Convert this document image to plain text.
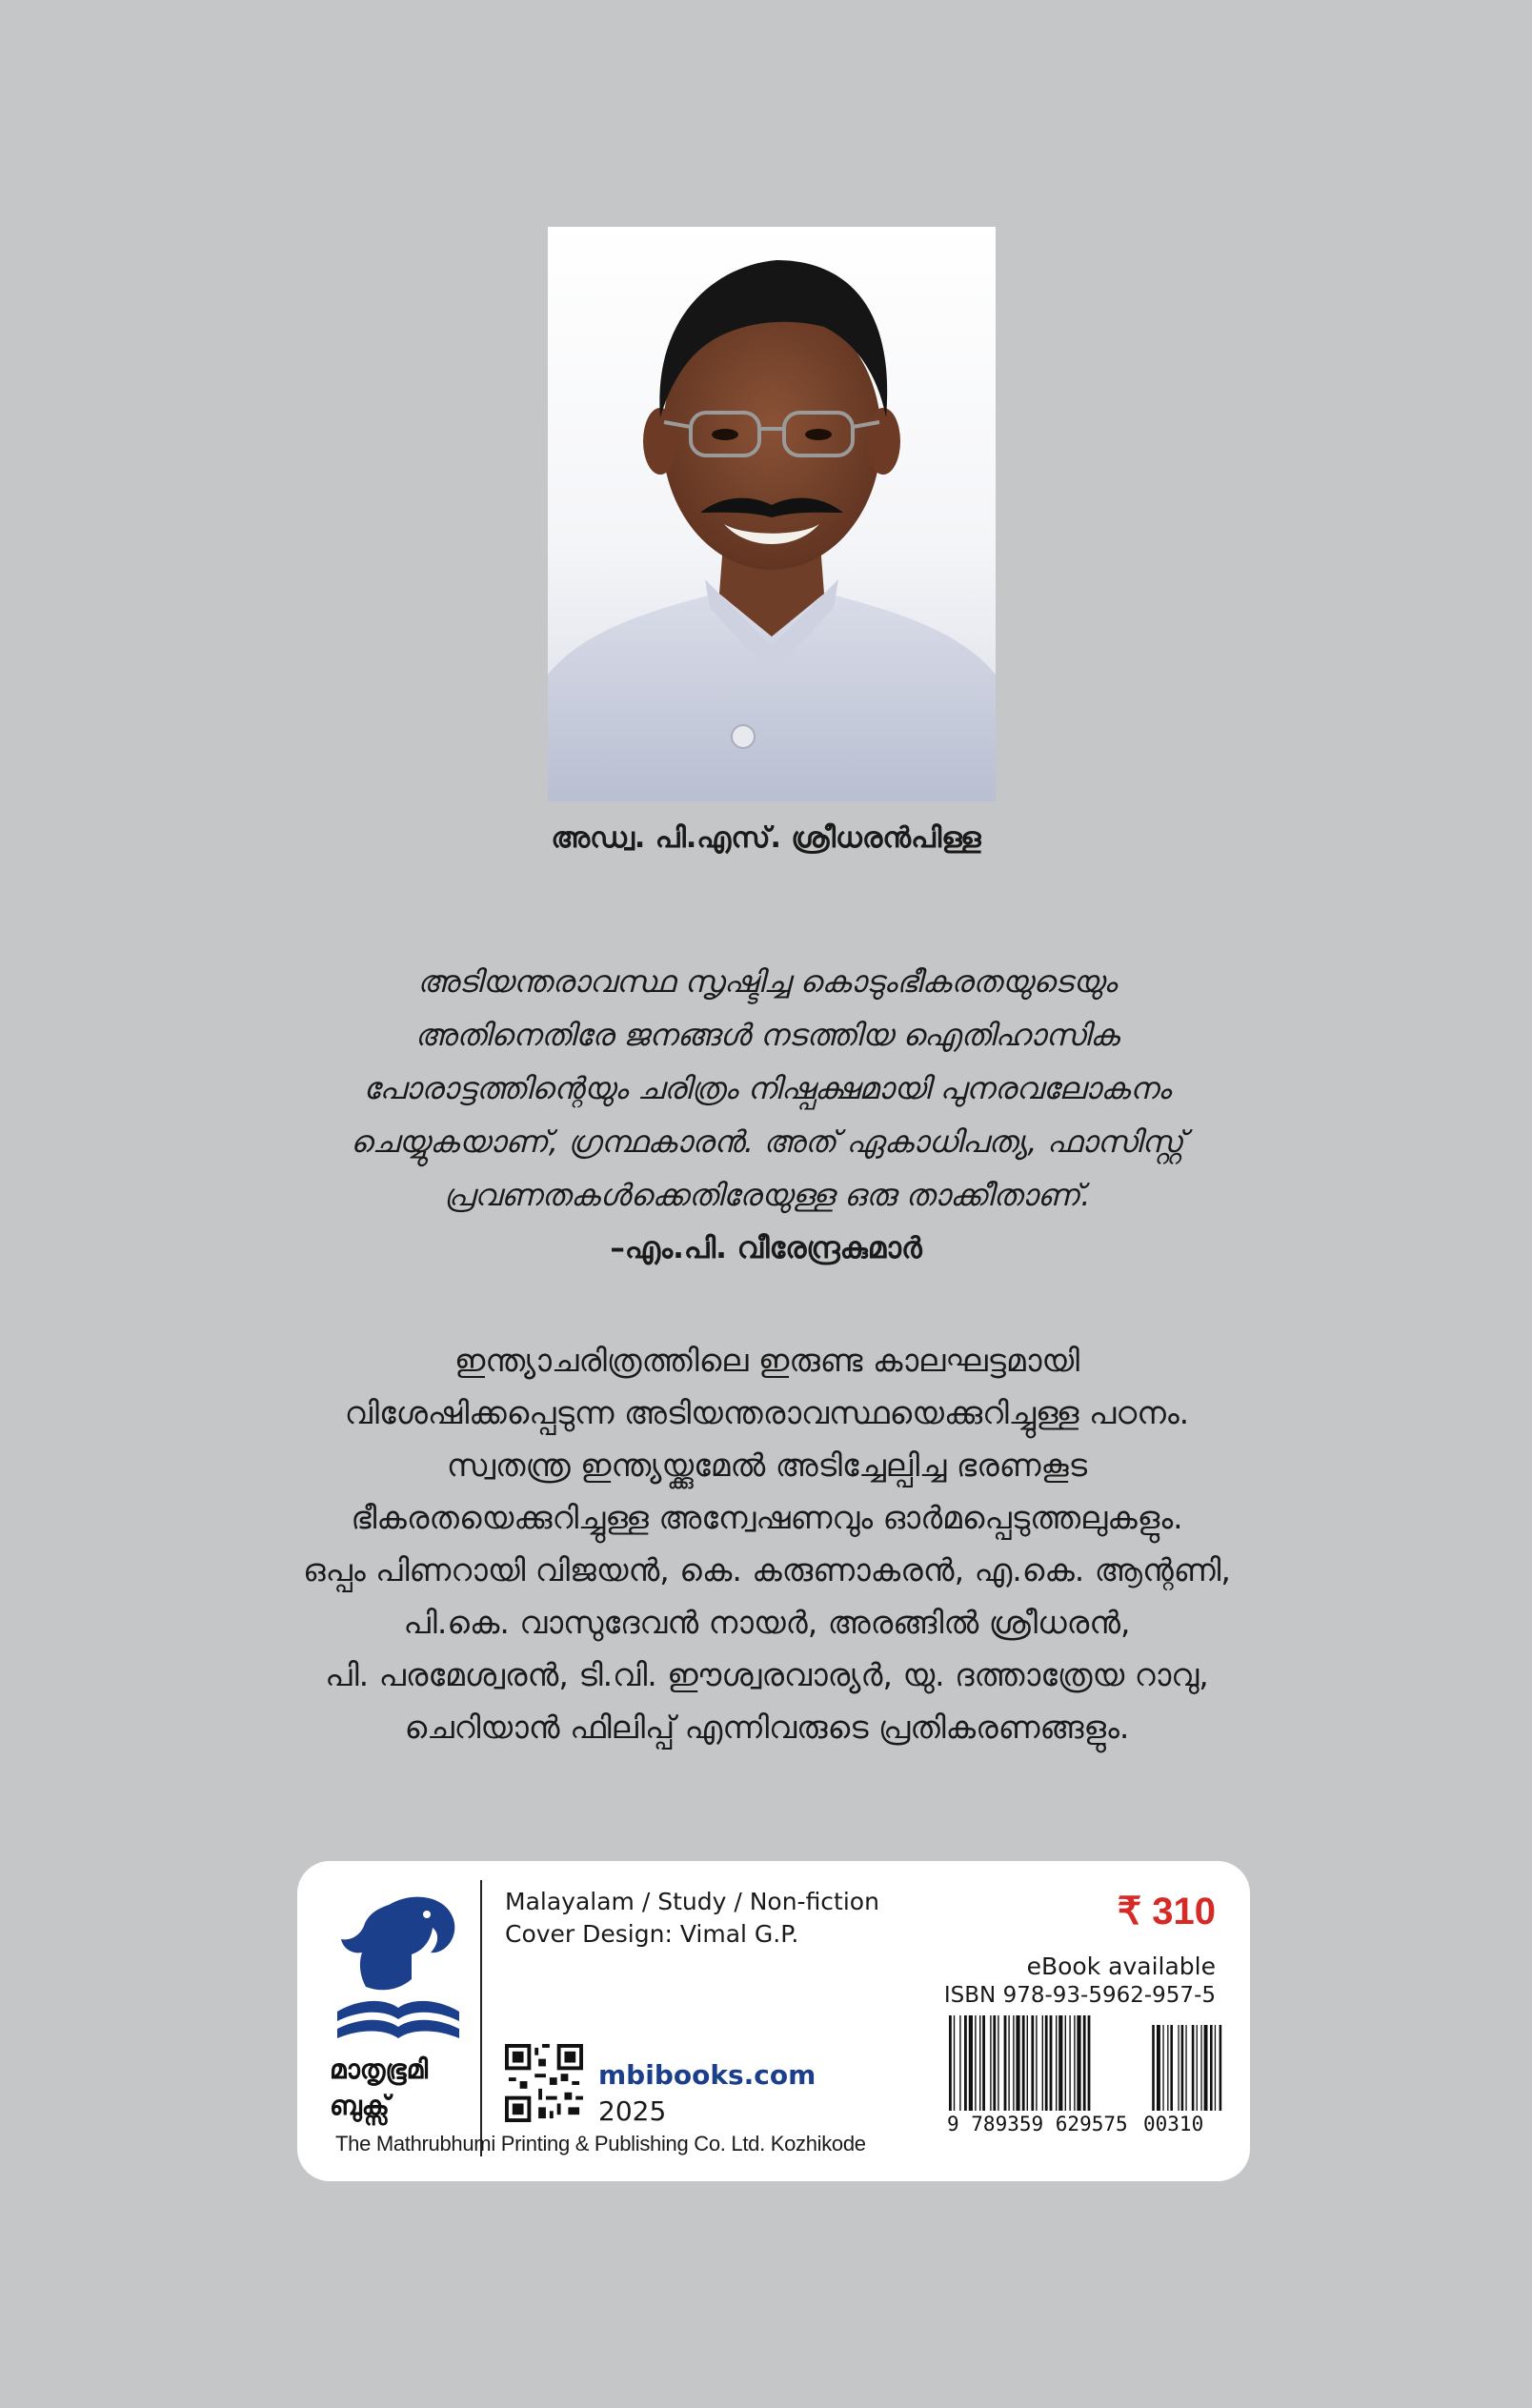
അഡ്വ. പി.എസ്. ശ്രീധരൻപിള്ള
അടിയന്തരാവസ്ഥ സൃഷ്ടിച്ച കൊടുംഭീകരതയുടെയും
അതിനെതിരേ ജനങ്ങൾ നടത്തിയ ഐതിഹാസിക
പോരാട്ടത്തിന്റെയും ചരിത്രം നിഷ്പക്ഷമായി പുനരവലോകനം
ചെയ്യുകയാണ്, ഗ്രന്ഥകാരൻ. അത് ഏകാധിപത്യ, ഫാസിസ്റ്റ്
പ്രവണതകൾക്കെതിരേയുള്ള ഒരു താക്കീതാണ്.
–എം.പി. വീരേന്ദ്രകുമാർ
ഇന്ത്യാചരിത്രത്തിലെ ഇരുണ്ട കാലഘട്ടമായി
വിശേഷിക്കപ്പെടുന്ന അടിയന്തരാവസ്ഥയെക്കുറിച്ചുള്ള പഠനം.
സ്വതന്ത്ര ഇന്ത്യയ്ക്കുമേൽ അടിച്ചേല്പിച്ച ഭരണകൂട
ഭീകരതയെക്കുറിച്ചുള്ള അന്വേഷണവും ഓർമപ്പെടുത്തലുകളും.
ഒപ്പം പിണറായി വിജയൻ, കെ. കരുണാകരൻ, എ.കെ. ആന്റണി,
പി.കെ. വാസുദേവൻ നായർ, അരങ്ങിൽ ശ്രീധരൻ,
പി. പരമേശ്വരൻ, ടി.വി. ഈശ്വരവാര്യർ, യു. ദത്താത്രേയ റാവു,
ചെറിയാൻ ഫിലിപ്പ് എന്നിവരുടെ പ്രതികരണങ്ങളും.
മാതൃഭൂമി
ബുക്സ്
Malayalam / Study / Non-fiction
Cover Design: Vimal G.P.
mbibooks.com
2025
The Mathrubhumi Printing & Publishing Co. Ltd. Kozhikode
₹ 310
eBook available
ISBN 978-93-5962-957-5
9 789359 629575 00310
